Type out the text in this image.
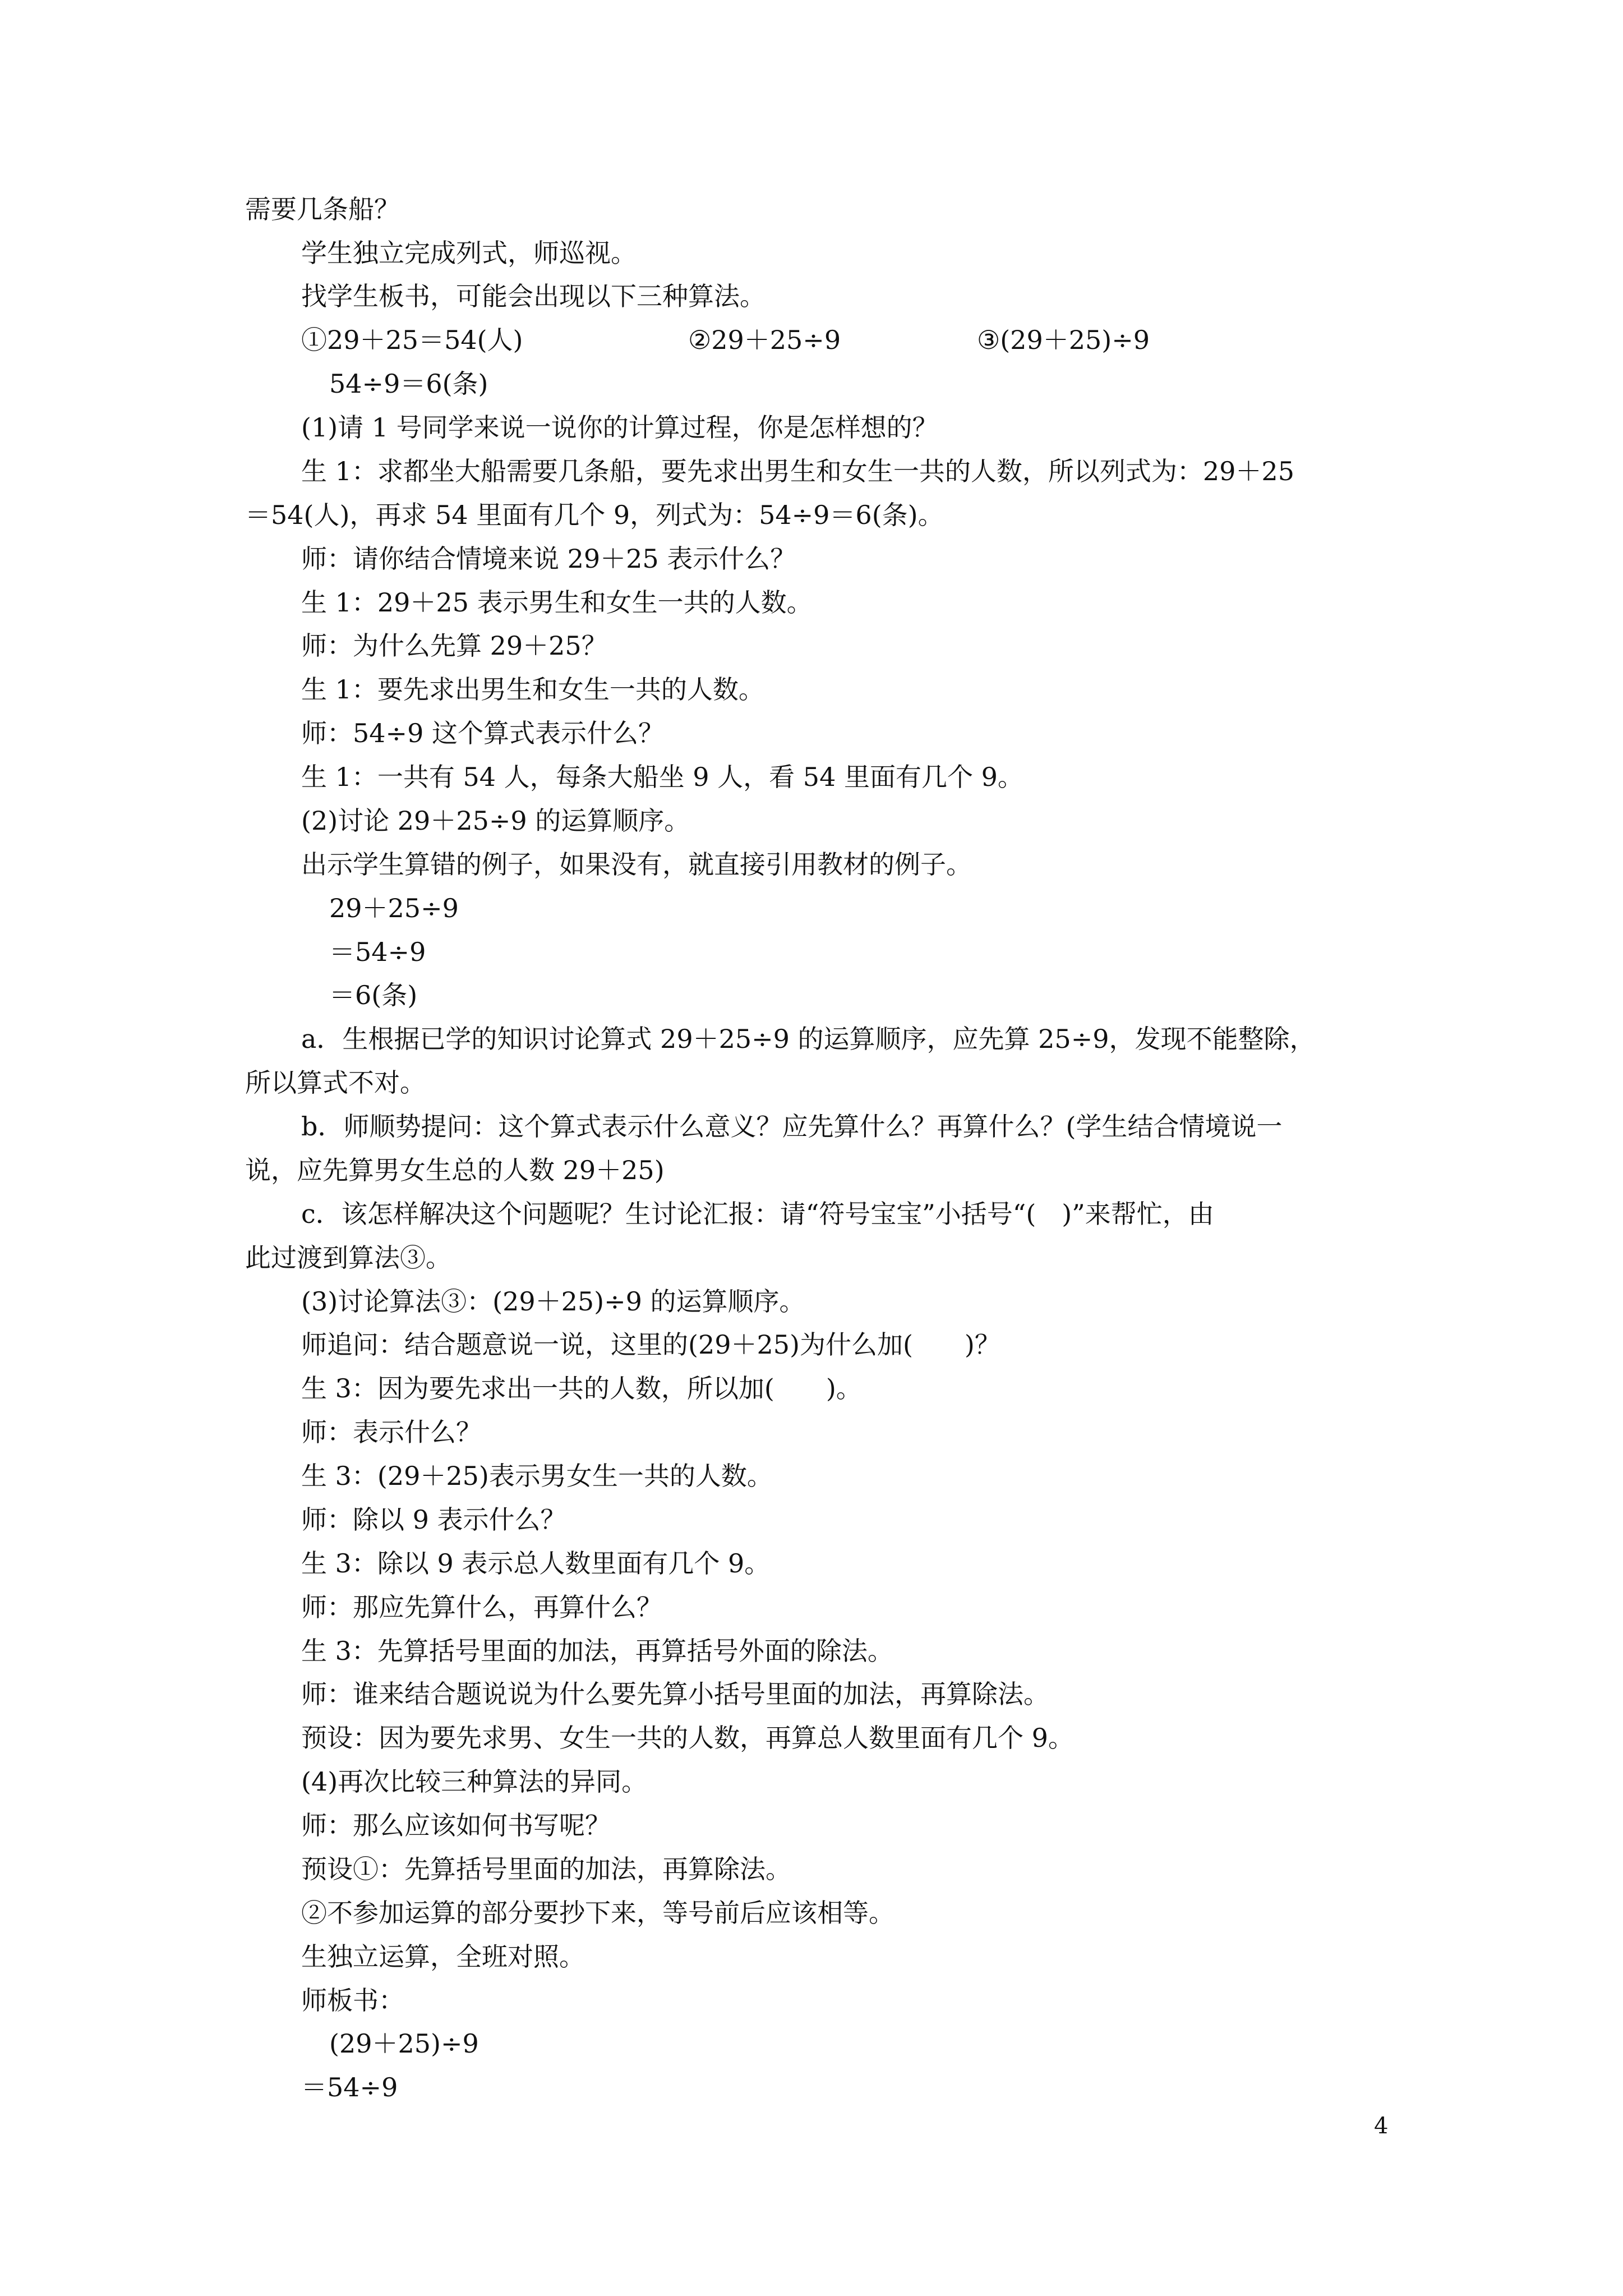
需要几条船？
学生独立完成列式，师巡视。
找学生板书，可能会出现以下三种算法。
①29＋25＝54(人)	②29＋25÷9	③(29＋25)÷9
54÷9＝6(条)
(1)请 1 号同学来说一说你的计算过程，你是怎样想的？
生 1：求都坐大船需要几条船，要先求出男生和女生一共的人数，所以列式为：29＋25
＝54(人)，再求 54 里面有几个 9，列式为：54÷9＝6(条)。
师：请你结合情境来说 29＋25 表示什么？
生 1：29＋25 表示男生和女生一共的人数。
师：为什么先算 29＋25？
生 1：要先求出男生和女生一共的人数。
师：54÷9 这个算式表示什么？
生 1：一共有 54 人，每条大船坐 9 人，看 54 里面有几个 9。
(2)讨论 29＋25÷9 的运算顺序。
出示学生算错的例子，如果没有，就直接引用教材的例子。
29＋25÷9
＝54÷9
＝6(条)
a．生根据已学的知识讨论算式 29＋25÷9 的运算顺序，应先算 25÷9，发现不能整除，
所以算式不对。
b．师顺势提问：这个算式表示什么意义？应先算什么？再算什么？(学生结合情境说一
说，应先算男女生总的人数 29＋25)
c．该怎样解决这个问题呢？生讨论汇报：请“符号宝宝”小括号“(　)”来帮忙，由
此过渡到算法③。
(3)讨论算法③：(29＋25)÷9 的运算顺序。
师追问：结合题意说一说，这里的(29＋25)为什么加(　　)？
生 3：因为要先求出一共的人数，所以加(　　)。
师：表示什么？
生 3：(29＋25)表示男女生一共的人数。
师：除以 9 表示什么？
生 3：除以 9 表示总人数里面有几个 9。
师：那应先算什么，再算什么？
生 3：先算括号里面的加法，再算括号外面的除法。
师：谁来结合题说说为什么要先算小括号里面的加法，再算除法。
预设：因为要先求男、女生一共的人数，再算总人数里面有几个 9。
(4)再次比较三种算法的异同。
师：那么应该如何书写呢？
预设①：先算括号里面的加法，再算除法。
②不参加运算的部分要抄下来，等号前后应该相等。
生独立运算，全班对照。
师板书：
(29＋25)÷9
＝54÷9
4
